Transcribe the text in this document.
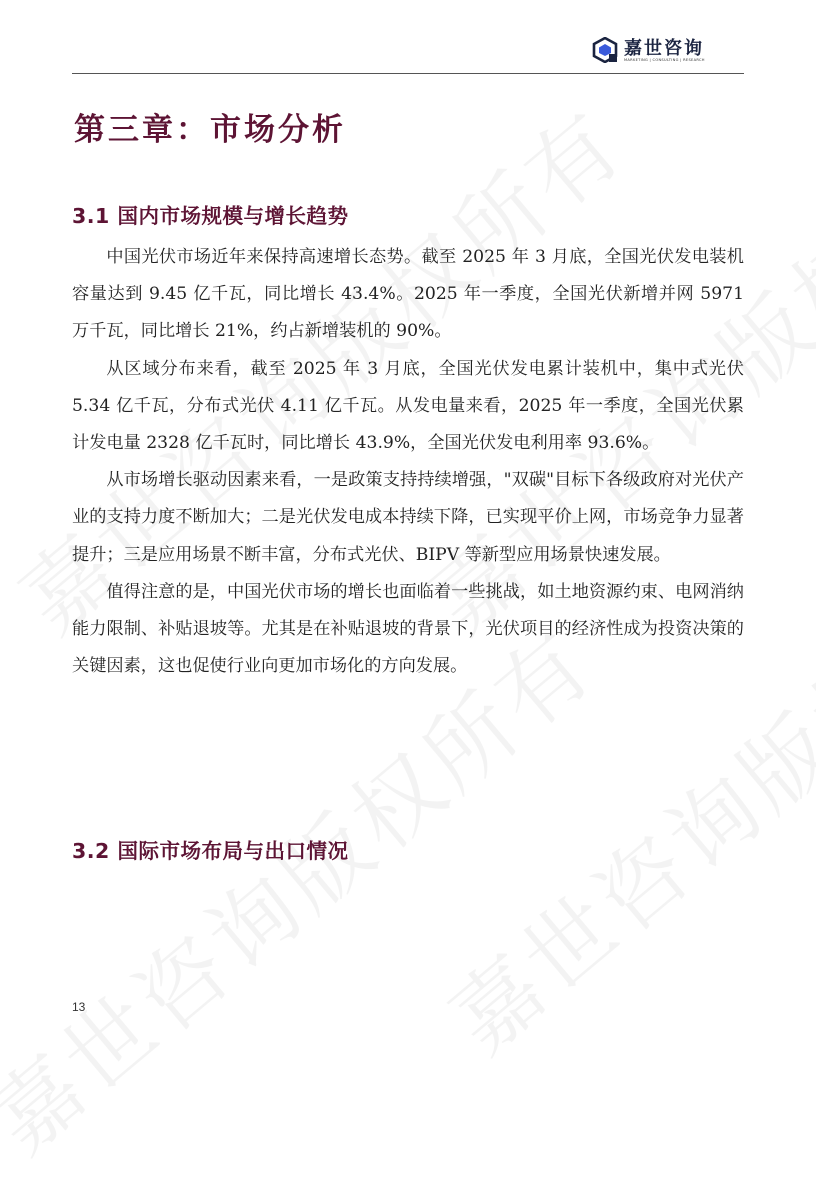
嘉世咨询
MARKETING | CONSULTING | RESEARCH
第三章：市场分析
3.1 国内市场规模与增长趋势

中国光伏市场近年来保持高速增长态势。截至 2025 年 3 月底，全国光伏发电装机容量达到 9.45 亿千瓦，同比增长 43.4%。2025 年一季度，全国光伏新增并网 5971 万千瓦，同比增长 21%，约占新增装机的 90%。

从区域分布来看，截至 2025 年 3 月底，全国光伏发电累计装机中，集中式光伏 5.34 亿千瓦，分布式光伏 4.11 亿千瓦。从发电量来看，2025 年一季度，全国光伏累计发电量 2328 亿千瓦时，同比增长 43.9%，全国光伏发电利用率 93.6%。

从市场增长驱动因素来看，一是政策支持持续增强，"双碳"目标下各级政府对光伏产业的支持力度不断加大；二是光伏发电成本持续下降，已实现平价上网，市场竞争力显著提升；三是应用场景不断丰富，分布式光伏、BIPV 等新型应用场景快速发展。

值得注意的是，中国光伏市场的增长也面临着一些挑战，如土地资源约束、电网消纳能力限制、补贴退坡等。尤其是在补贴退坡的背景下，光伏项目的经济性成为投资决策的关键因素，这也促使行业向更加市场化的方向发展。

3.2 国际市场布局与出口情况
13
